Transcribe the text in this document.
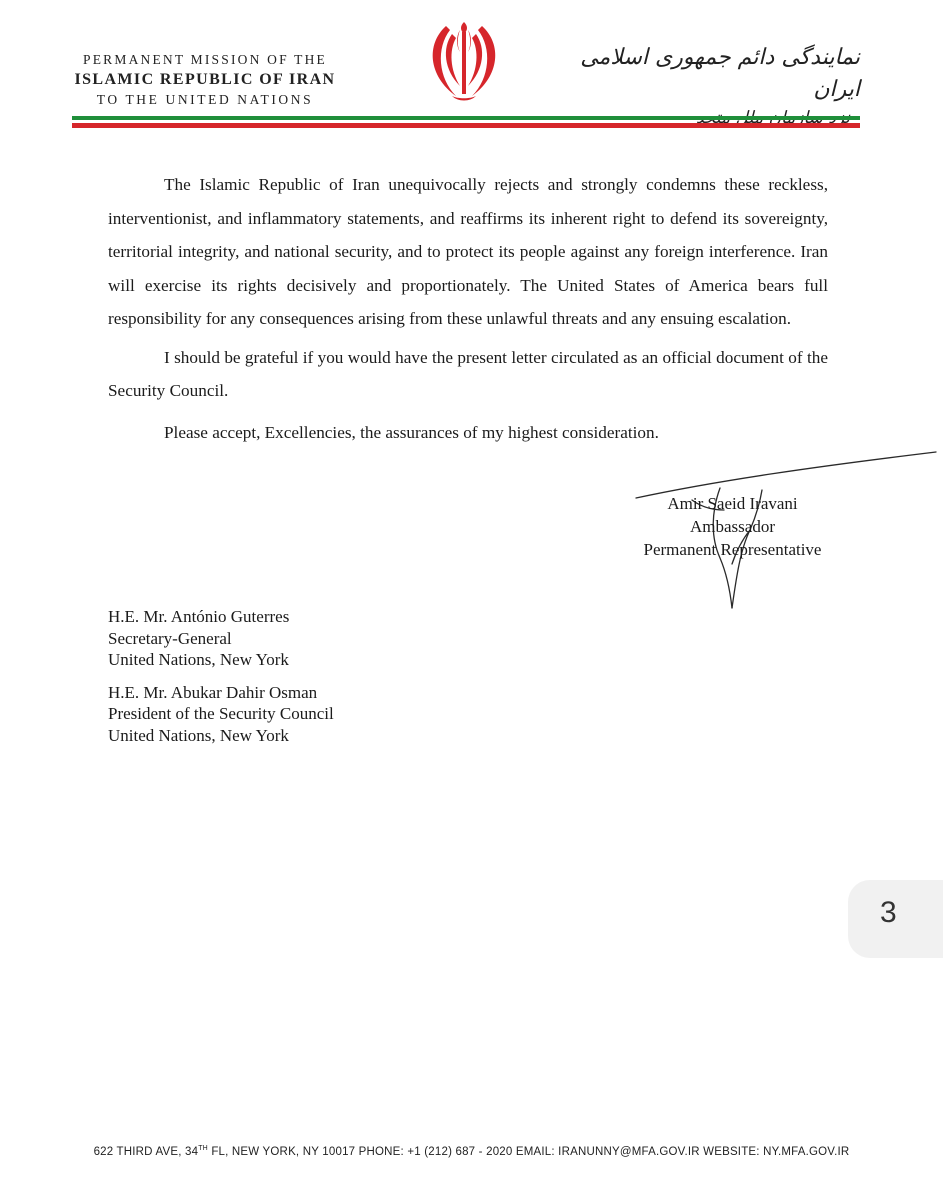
PERMANENT MISSION OF THE
ISLAMIC REPUBLIC OF IRAN
TO THE UNITED NATIONS
نمایندگی دائم جمهوری اسلامی ایران

The Islamic Republic of Iran unequivocally rejects and strongly condemns these reckless, interventionist, and inflammatory statements, and reaffirms its inherent right to defend its sovereignty, territorial integrity, and national security, and to protect its people against any foreign interference. Iran will exercise its rights decisively and proportionately. The United States of America bears full responsibility for any consequences arising from these unlawful threats and any ensuing escalation.

I should be grateful if you would have the present letter circulated as an official document of the Security Council.

Please accept, Excellencies, the assurances of my highest consideration.

Amir Saeid Iravani
Ambassador
Permanent Representative
H.E. Mr. António Guterres
Secretary-General
United Nations, New York
H.E. Mr. Abukar Dahir Osman
President of the Security Council
United Nations, New York
3
622 THIRD AVE, 34TH FL, NEW YORK, NY 10017 PHONE: +1 (212) 687 - 2020 EMAIL: IRANUNNY@MFA.GOV.IR WEBSITE: NY.MFA.GOV.IR
